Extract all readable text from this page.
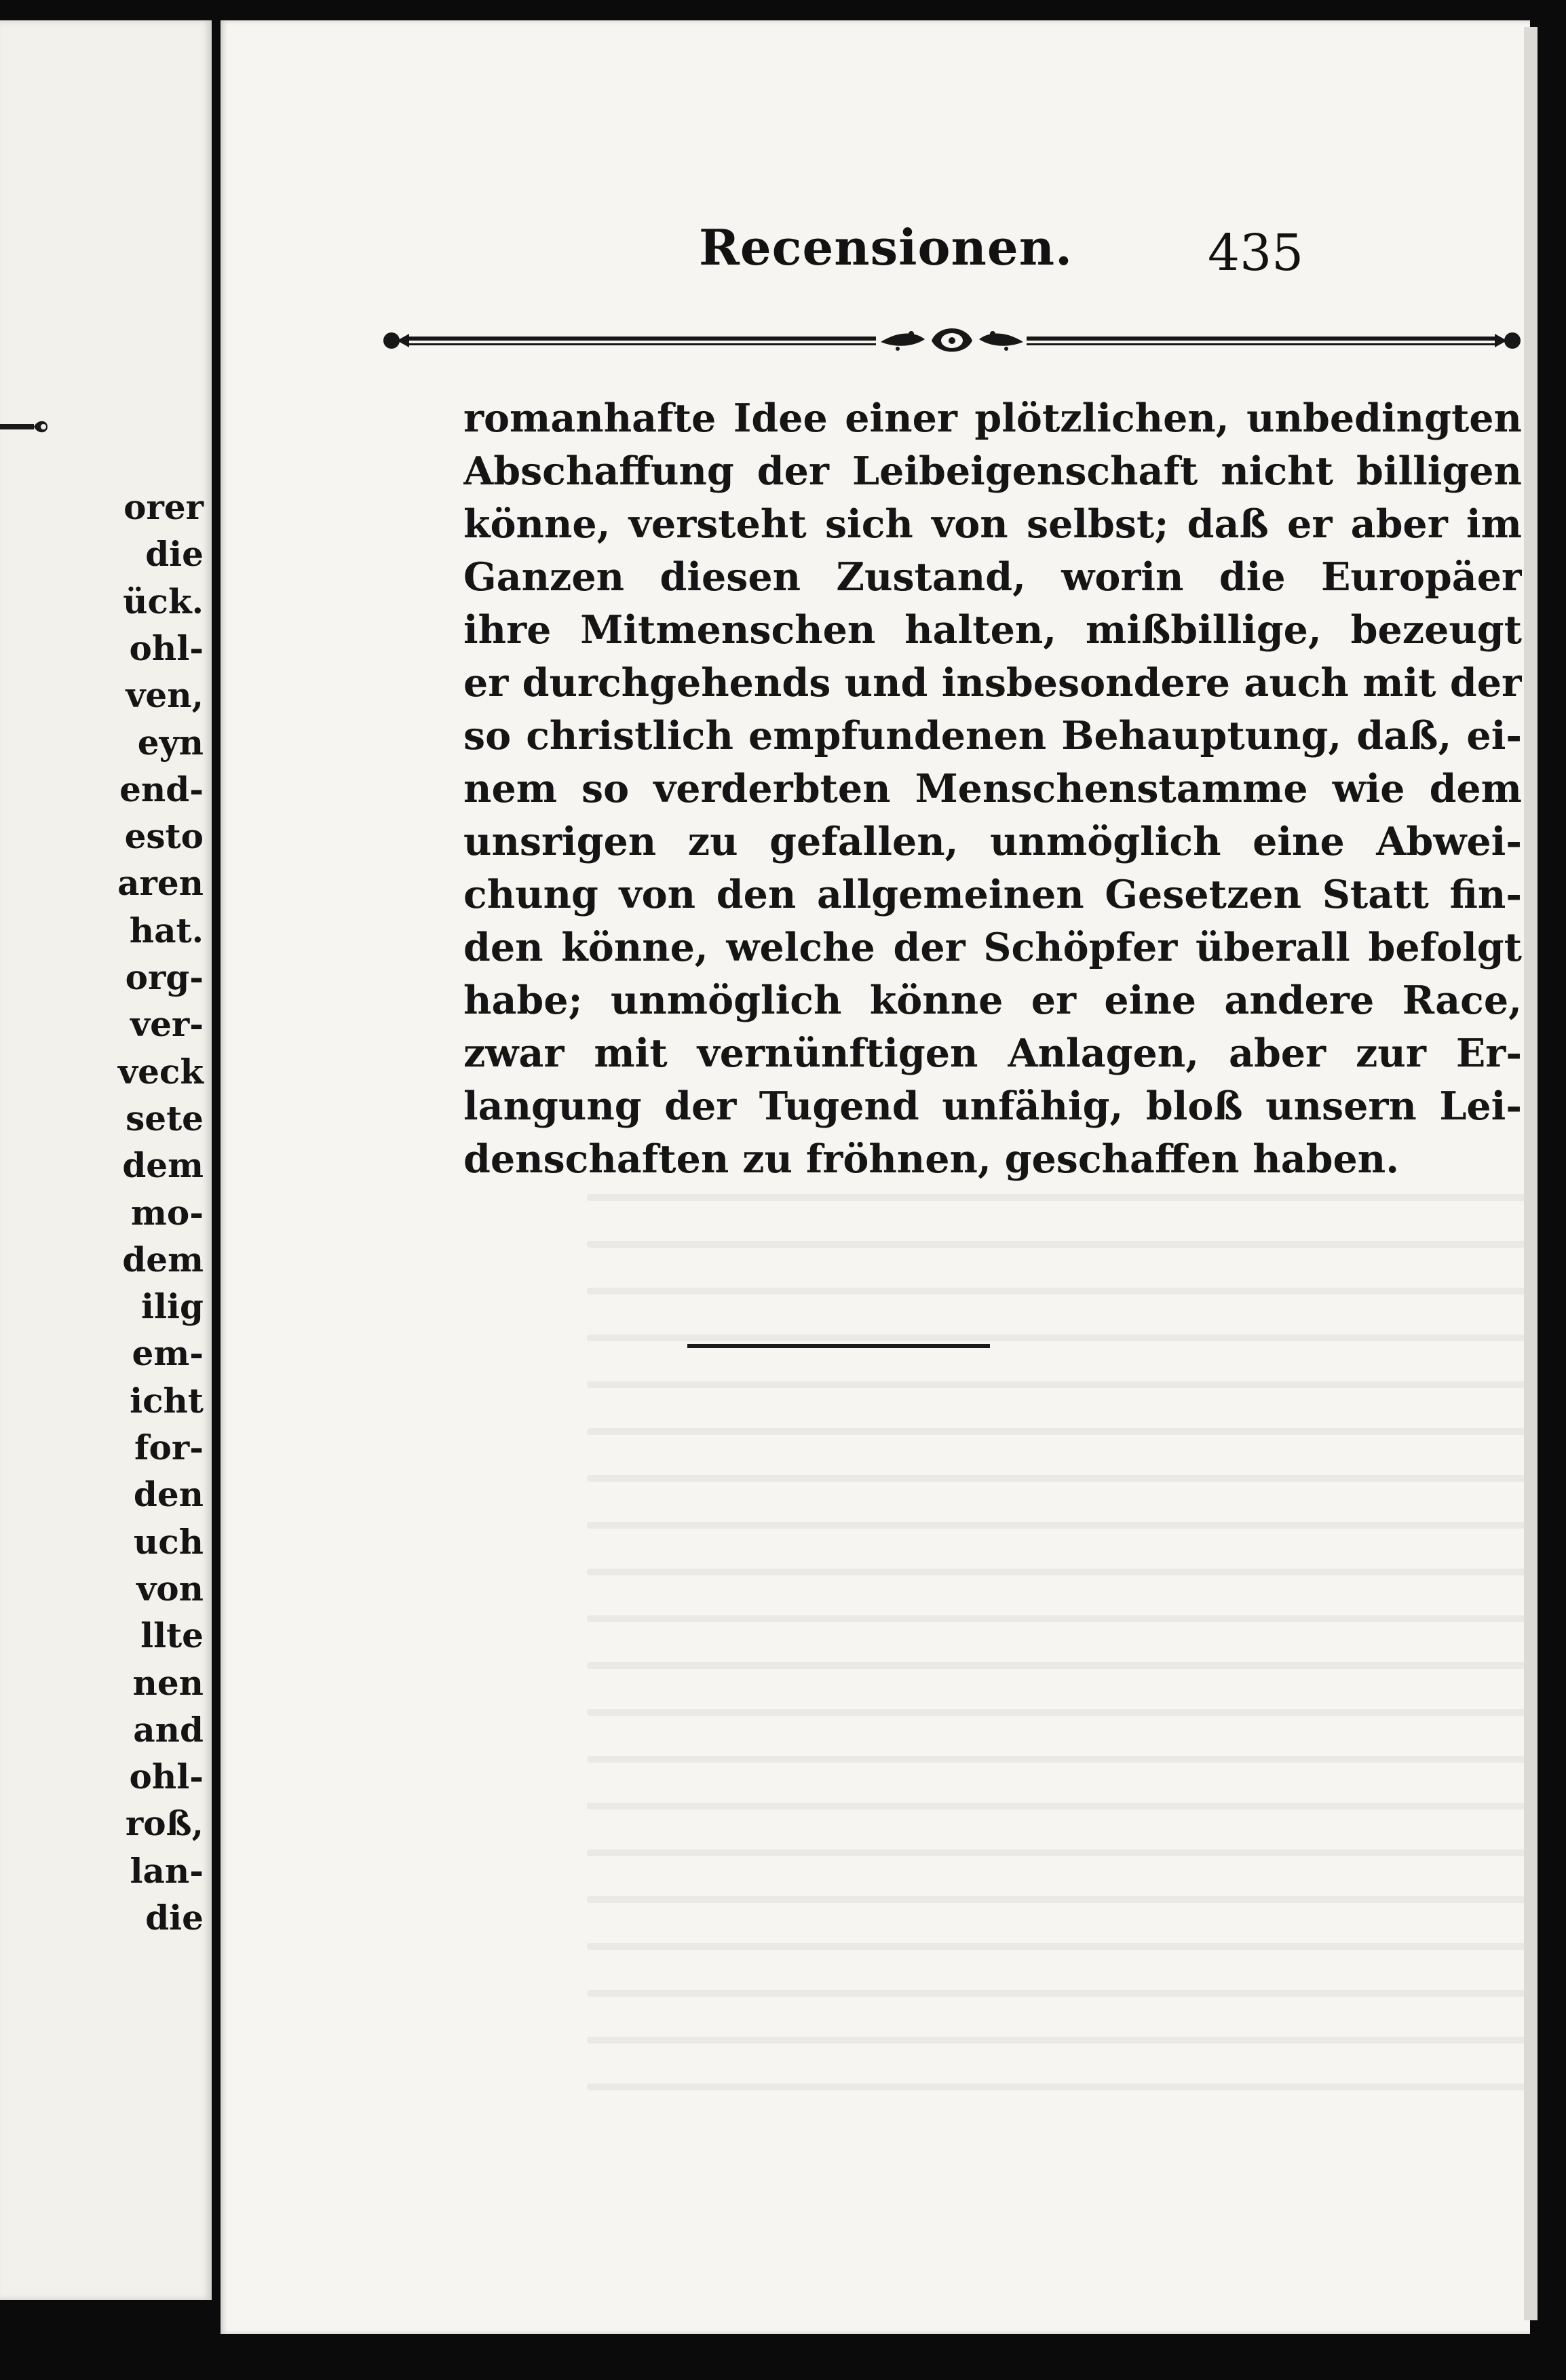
orer
die
ück.
ohl-
ven,
eyn
end-
esto
aren
hat.
org-
ver-
veck
sete
dem
mo-
dem
ilig
em-
icht
for-
den
uch
von
llte
nen
and
ohl-
roß,
lan-
die
Recensionen.	435
romanhafte Idee einer plötzlichen, unbedingten
Abschaffung der Leibeigenschaft nicht billigen
könne, versteht sich von selbst; daß er aber im
Ganzen diesen Zustand, worin die Europäer
ihre Mitmenschen halten, mißbillige, bezeugt
er durchgehends und insbesondere auch mit der
so christlich empfundenen Behauptung, daß, ei-
nem so verderbten Menschenstamme wie dem
unsrigen zu gefallen, unmöglich eine Abwei-
chung von den allgemeinen Gesetzen Statt fin-
den könne, welche der Schöpfer überall befolgt
habe; unmöglich könne er eine andere Race,
zwar mit vernünftigen Anlagen, aber zur Er-
langung der Tugend unfähig, bloß unsern Lei-
denschaften zu fröhnen, geschaffen haben.
